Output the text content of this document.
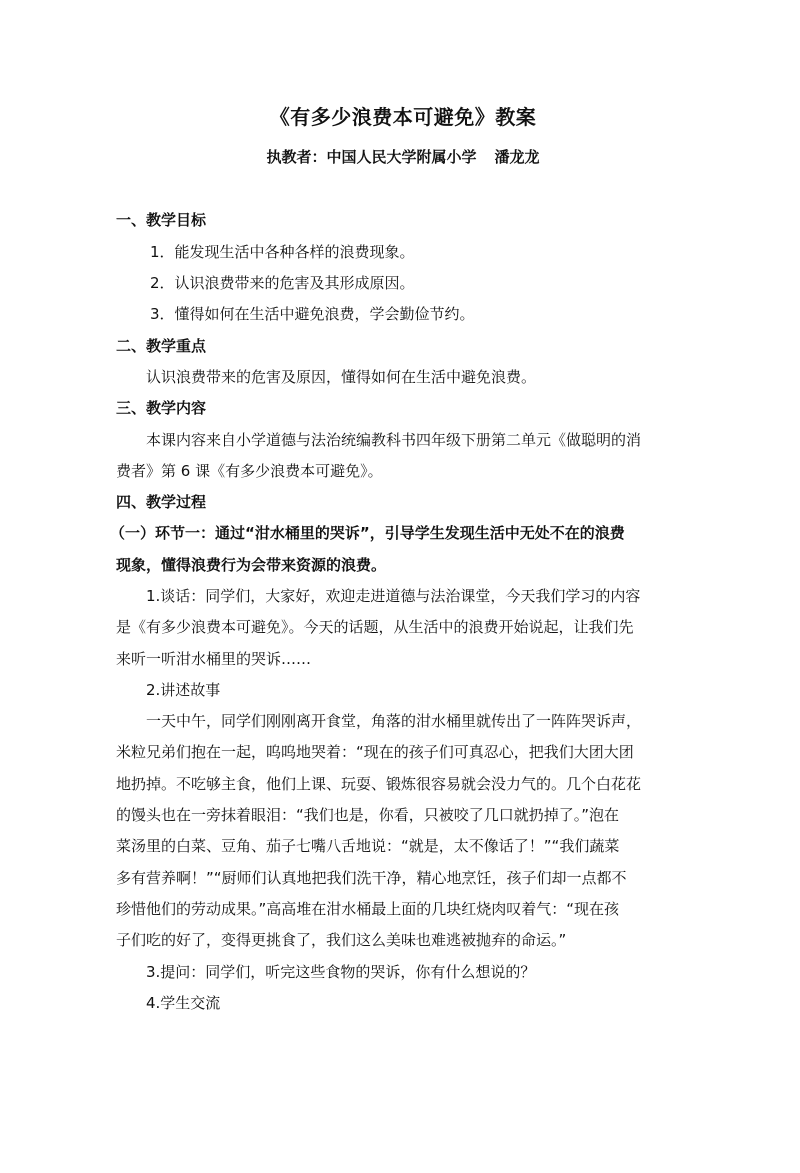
《有多少浪费本可避免》教案
执教者：中国人民大学附属小学 潘龙龙
一、教学目标
1．能发现生活中各种各样的浪费现象。
2．认识浪费带来的危害及其形成原因。
3．懂得如何在生活中避免浪费，学会勤俭节约。
二、教学重点
认识浪费带来的危害及原因，懂得如何在生活中避免浪费。
三、教学内容
本课内容来自小学道德与法治统编教科书四年级下册第二单元《做聪明的消
费者》第 6 课《有多少浪费本可避免》。
四、教学过程
（一）环节一：通过“泔水桶里的哭诉”，引导学生发现生活中无处不在的浪费
现象，懂得浪费行为会带来资源的浪费。
1.谈话：同学们，大家好，欢迎走进道德与法治课堂，今天我们学习的内容
是《有多少浪费本可避免》。今天的话题，从生活中的浪费开始说起，让我们先
来听一听泔水桶里的哭诉……
2.讲述故事
一天中午，同学们刚刚离开食堂，角落的泔水桶里就传出了一阵阵哭诉声，
米粒兄弟们抱在一起，呜呜地哭着：“现在的孩子们可真忍心，把我们大团大团
地扔掉。不吃够主食，他们上课、玩耍、锻炼很容易就会没力气的。几个白花花
的馒头也在一旁抹着眼泪：“我们也是，你看，只被咬了几口就扔掉了。”泡在
菜汤里的白菜、豆角、茄子七嘴八舌地说：“就是，太不像话了！”“我们蔬菜
多有营养啊！”“厨师们认真地把我们洗干净，精心地烹饪，孩子们却一点都不
珍惜他们的劳动成果。”高高堆在泔水桶最上面的几块红烧肉叹着气：“现在孩
子们吃的好了，变得更挑食了，我们这么美味也难逃被抛弃的命运。”
3.提问：同学们，听完这些食物的哭诉，你有什么想说的？
4.学生交流
